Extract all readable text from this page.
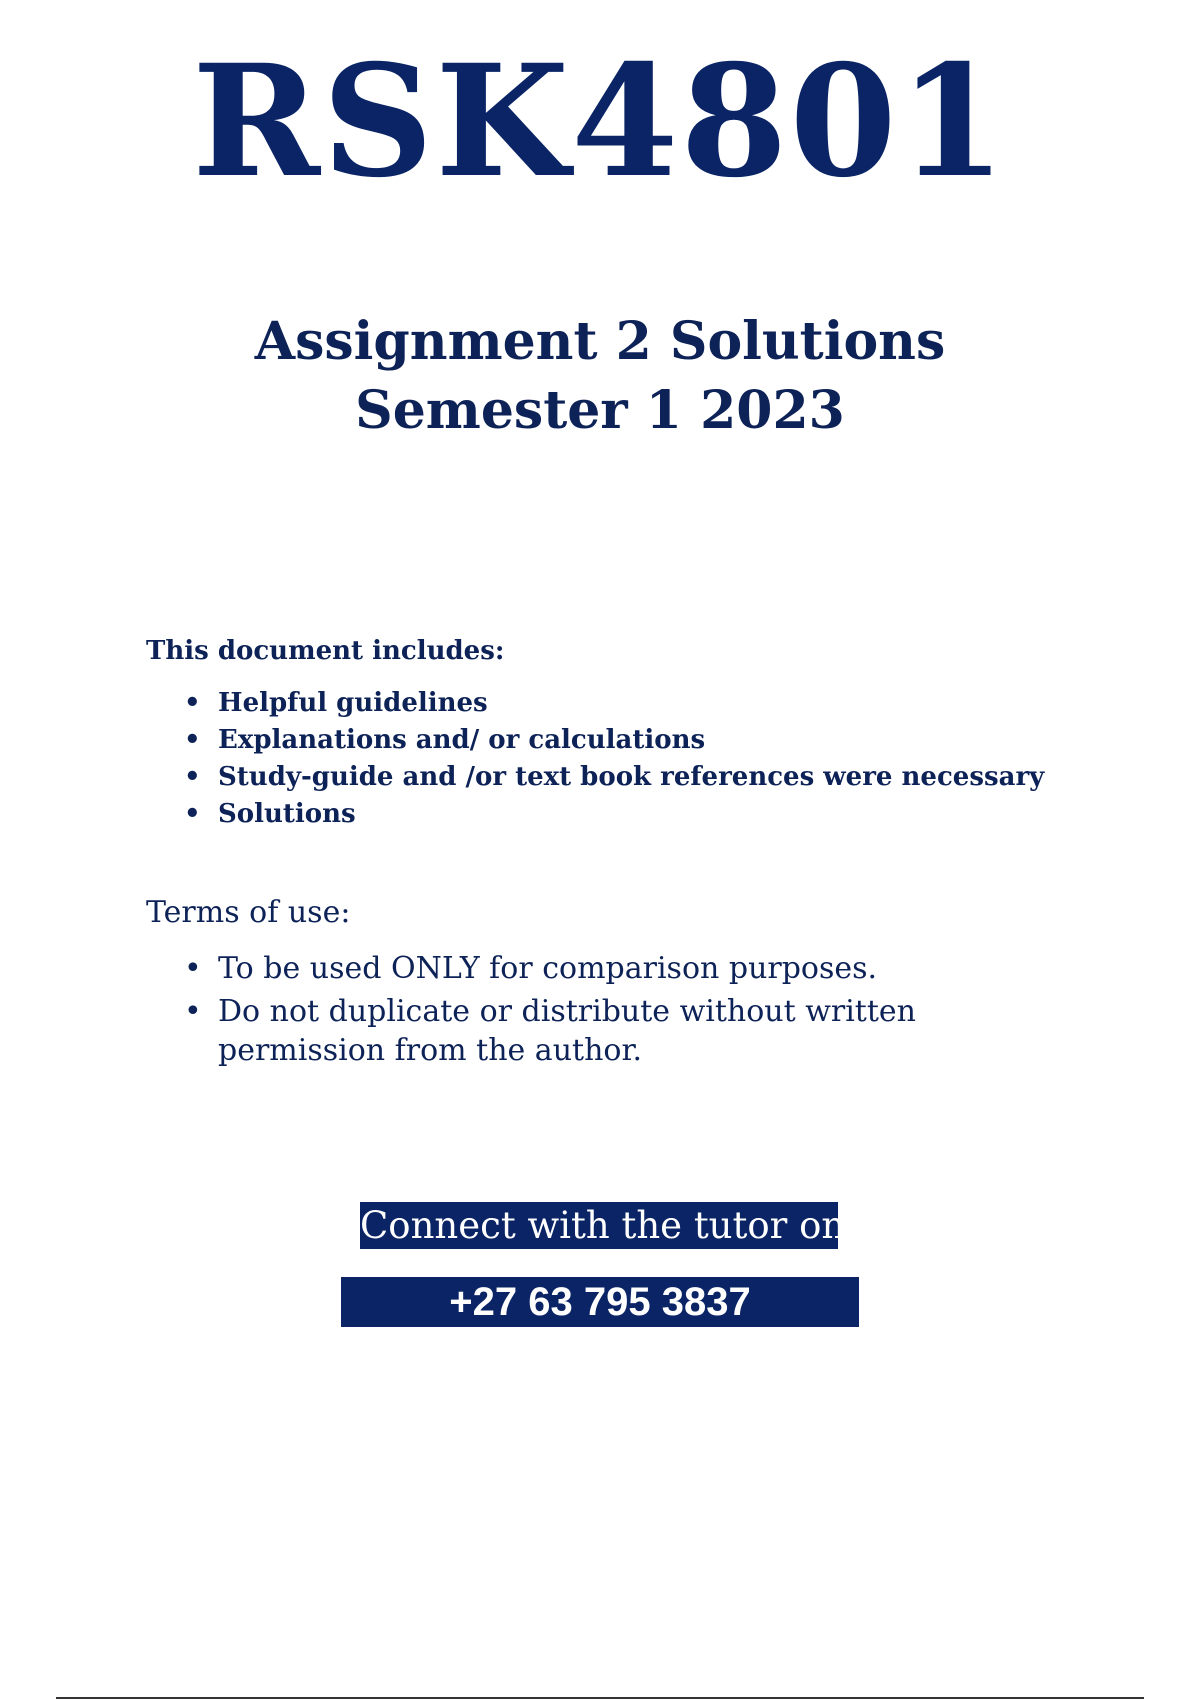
RSK4801
Assignment 2 Solutions
Semester 1 2023
This document includes:
• Helpful guidelines
• Explanations and/ or calculations
• Study-guide and /or text book references were necessary
• Solutions
Terms of use:
• To be used ONLY for comparison purposes.
• Do not duplicate or distribute without written permission from the author.
Connect with the tutor on
+27 63 795 3837
